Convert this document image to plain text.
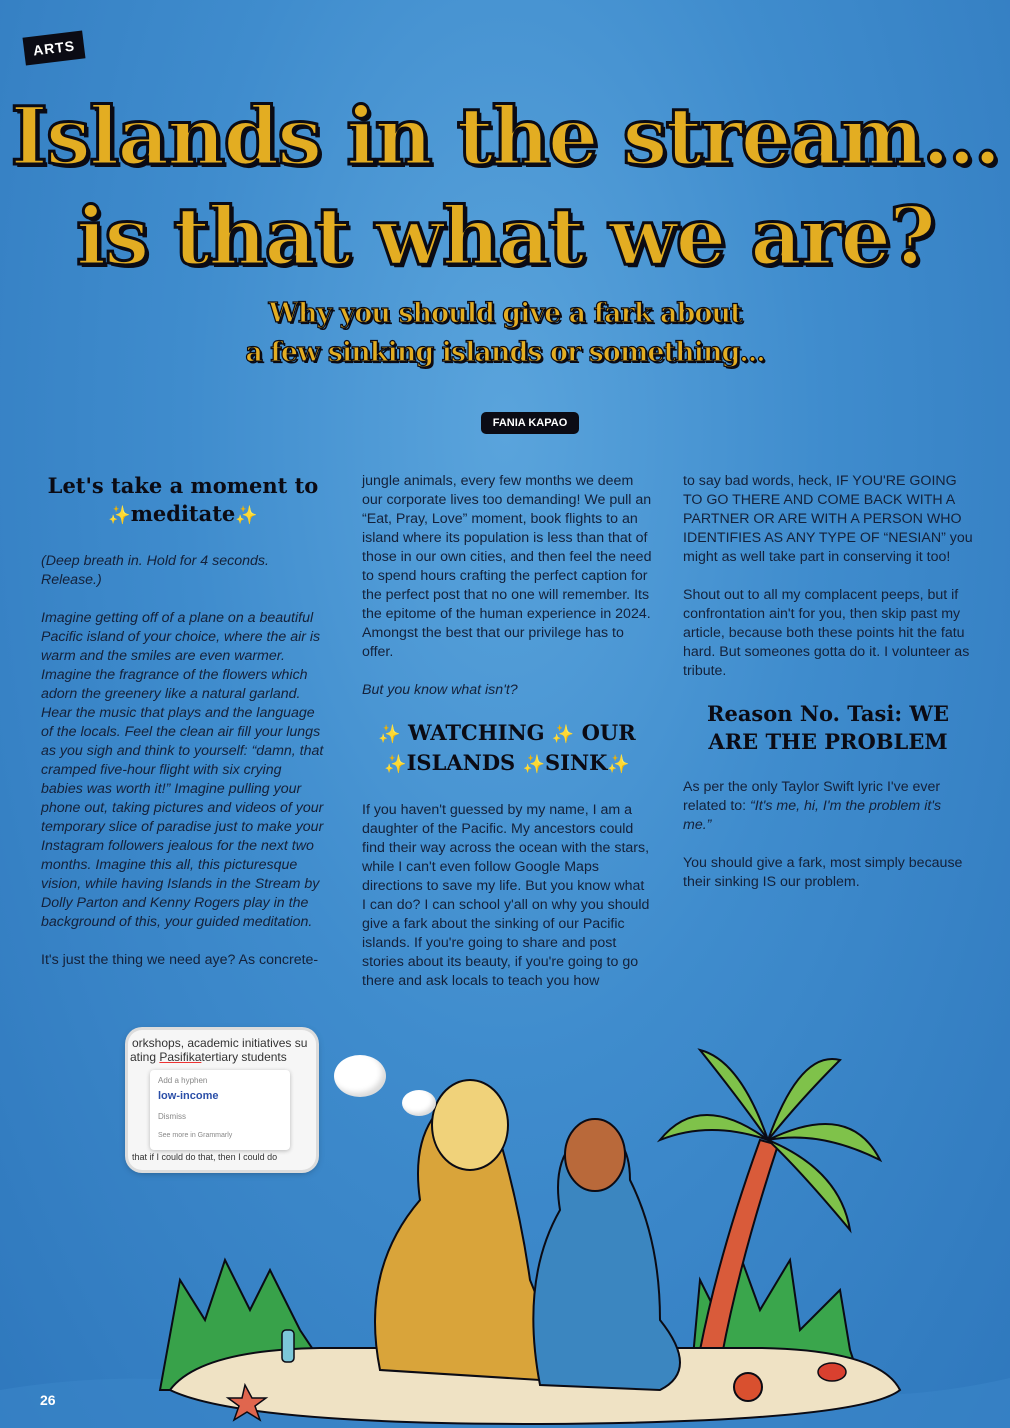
ARTS
Islands in the stream...
is that what we are?
Why you should give a fark about
a few sinking islands or something...
FANIA KAPAO
Let's take a moment to
✨meditate✨

(Deep breath in. Hold for 4 seconds. Release.)

Imagine getting off of a plane on a beautiful Pacific island of your choice, where the air is warm and the smiles are even warmer. Imagine the fragrance of the flowers which adorn the greenery like a natural garland. Hear the music that plays and the language of the locals. Feel the clean air fill your lungs as you sigh and think to yourself: “damn, that cramped five-hour flight with six crying babies was worth it!” Imagine pulling your phone out, taking pictures and videos of your temporary slice of paradise just to make your Instagram followers jealous for the next two months. Imagine this all, this picturesque vision, while having Islands in the Stream by Dolly Parton and Kenny Rogers play in the background of this, your guided meditation.

It's just the thing we need aye? As concrete-

jungle animals, every few months we deem our corporate lives too demanding! We pull an “Eat, Pray, Love” moment, book flights to an island where its population is less than that of those in our own cities, and then feel the need to spend hours crafting the perfect caption for the perfect post that no one will remember. Its the epitome of the human experience in 2024. Amongst the best that our privilege has to offer.

But you know what isn't?

✨ WATCHING ✨ OUR
✨ISLANDS ✨SINK✨

If you haven't guessed by my name, I am a daughter of the Pacific. My ancestors could find their way across the ocean with the stars, while I can't even follow Google Maps directions to save my life. But you know what I can do? I can school y'all on why you should give a fark about the sinking of our Pacific islands. If you're going to share and post stories about its beauty, if you're going to go there and ask locals to teach you how

to say bad words, heck, IF YOU'RE GOING TO GO THERE AND COME BACK WITH A PARTNER OR ARE WITH A PERSON WHO IDENTIFIES AS ANY TYPE OF “NESIAN” you might as well take part in conserving it too!

Shout out to all my complacent peeps, but if confrontation ain't for you, then skip past my article, because both these points hit the fatu hard. But someones gotta do it. I volunteer as tribute.

Reason No. Tasi: WE ARE THE PROBLEM

As per the only Taylor Swift lyric I've ever related to: “It's me, hi, I'm the problem it's me.”

You should give a fark, most simply because their sinking IS our problem.

orkshops, academic initiatives su
ating Pasifikatertiary students
Add a hyphen
low-income
Dismiss
See more in Grammarly
that if I could do that, then I could do
26
